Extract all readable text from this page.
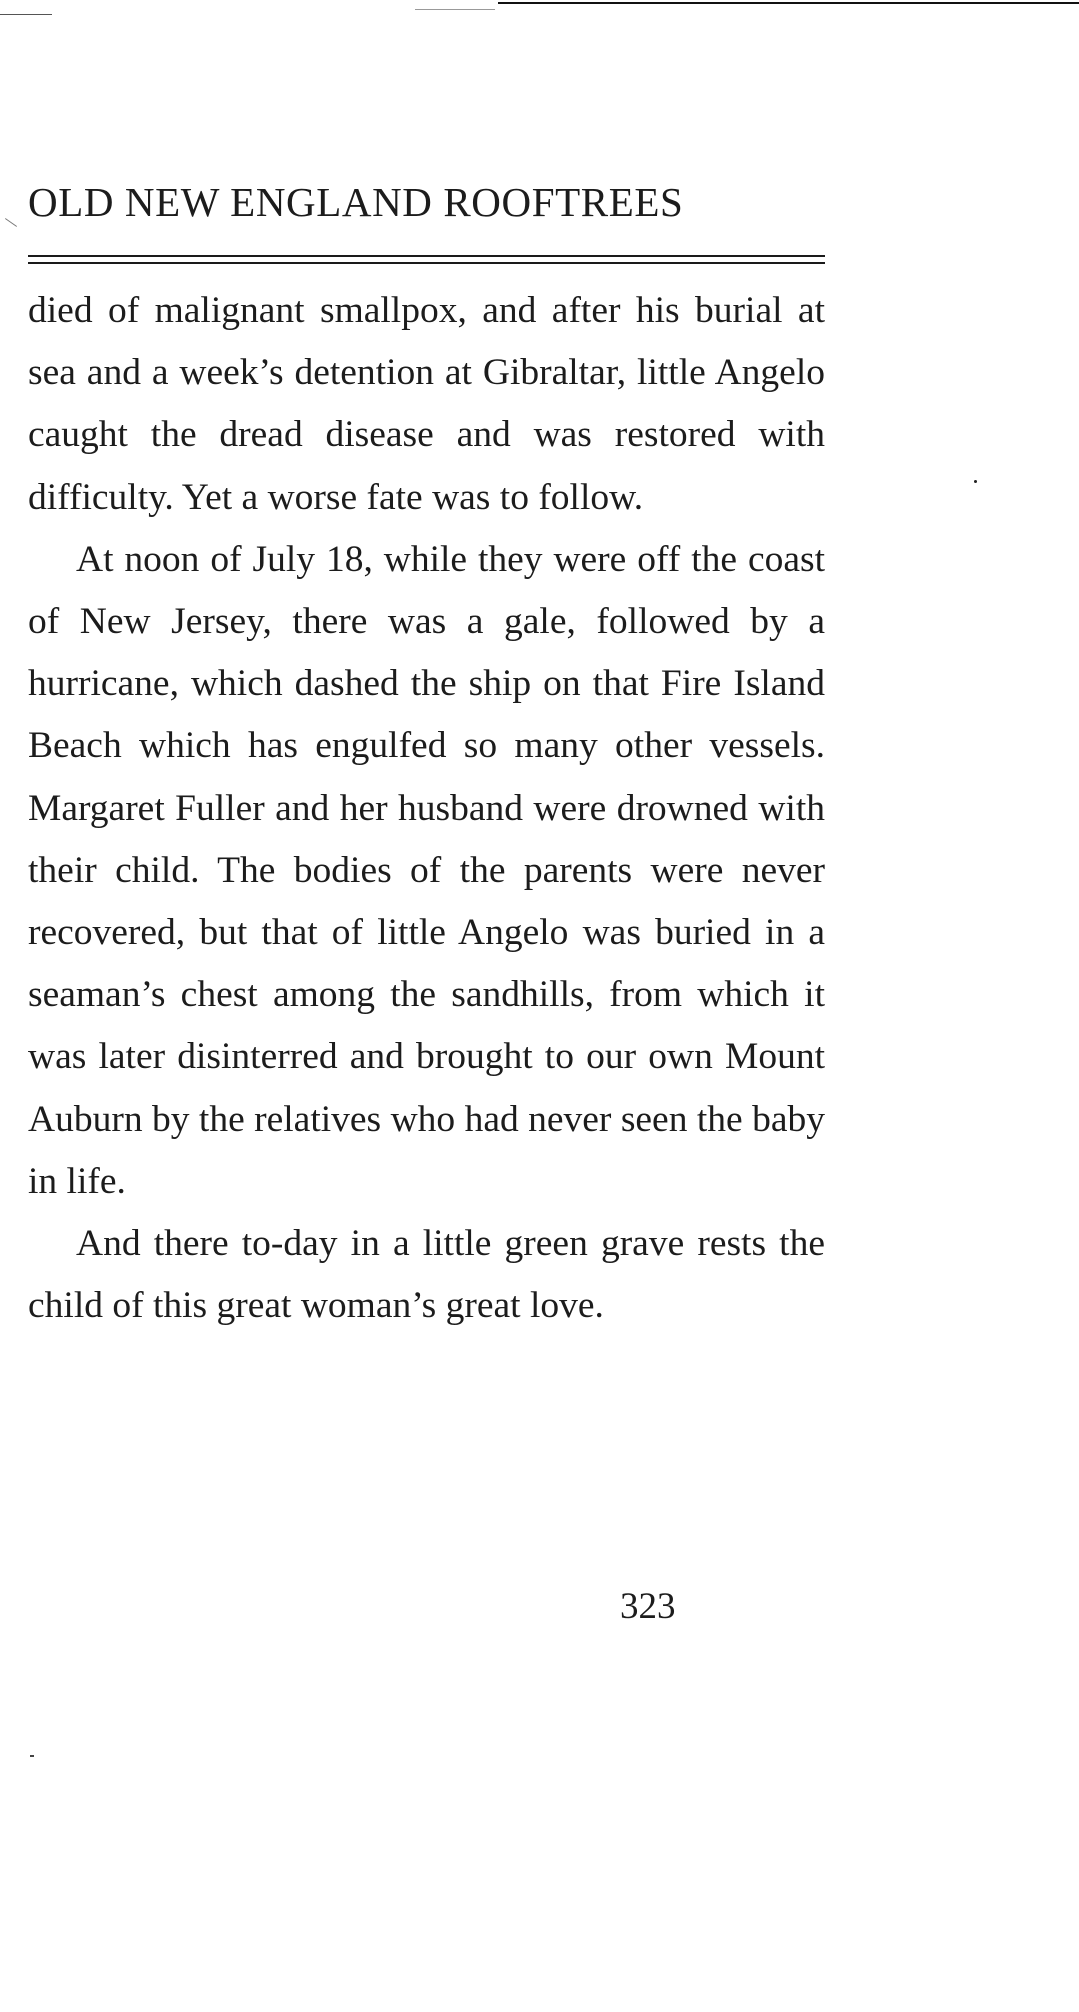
OLD NEW ENGLAND ROOFTREES

died of malignant smallpox, and after his burial at sea and a week’s detention at Gibraltar, little Angelo caught the dread disease and was restored with difficulty. Yet a worse fate was to follow.

At noon of July 18, while they were off the coast of New Jersey, there was a gale, followed by a hurricane, which dashed the ship on that Fire Island Beach which has engulfed so many other vessels. Margaret Fuller and her husband were drowned with their child. The bodies of the parents were never recovered, but that of little Angelo was buried in a seaman’s chest among the sandhills, from which it was later disinterred and brought to our own Mount Auburn by the relatives who had never seen the baby in life.

And there to-day in a little green grave rests the child of this great woman’s great love.

323
